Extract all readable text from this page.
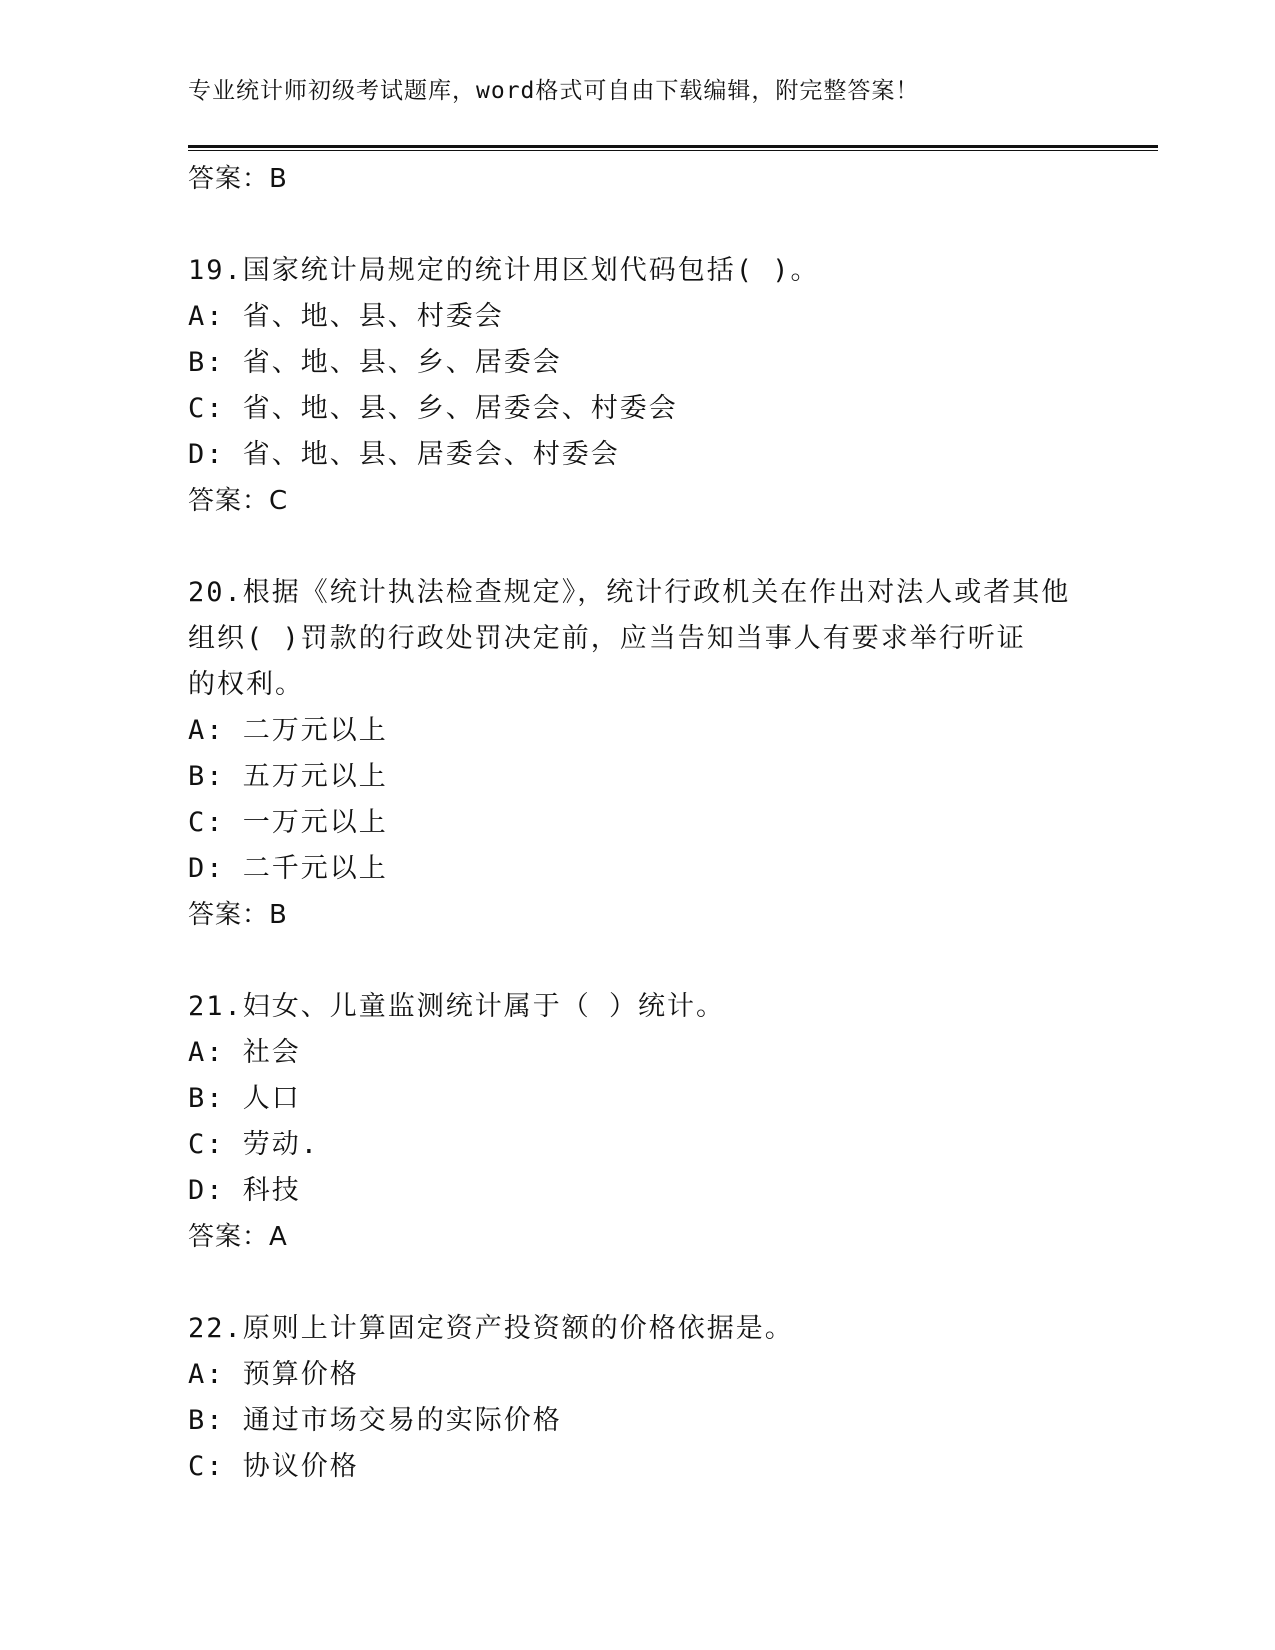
专业统计师初级考试题库，word格式可自由下载编辑，附完整答案！
答案：B
19.国家统计局规定的统计用区划代码包括( )。
A: 省、地、县、村委会
B: 省、地、县、乡、居委会
C: 省、地、县、乡、居委会、村委会
D: 省、地、县、居委会、村委会
答案：C
20.根据《统计执法检查规定》，统计行政机关在作出对法人或者其他
组织( )罚款的行政处罚决定前，应当告知当事人有要求举行听证
的权利。
A: 二万元以上
B: 五万元以上
C: 一万元以上
D: 二千元以上
答案：B
21.妇女、儿童监测统计属于（ ）统计。
A: 社会
B: 人口
C: 劳动.
D: 科技
答案：A
22.原则上计算固定资产投资额的价格依据是。
A: 预算价格
B: 通过市场交易的实际价格
C: 协议价格
